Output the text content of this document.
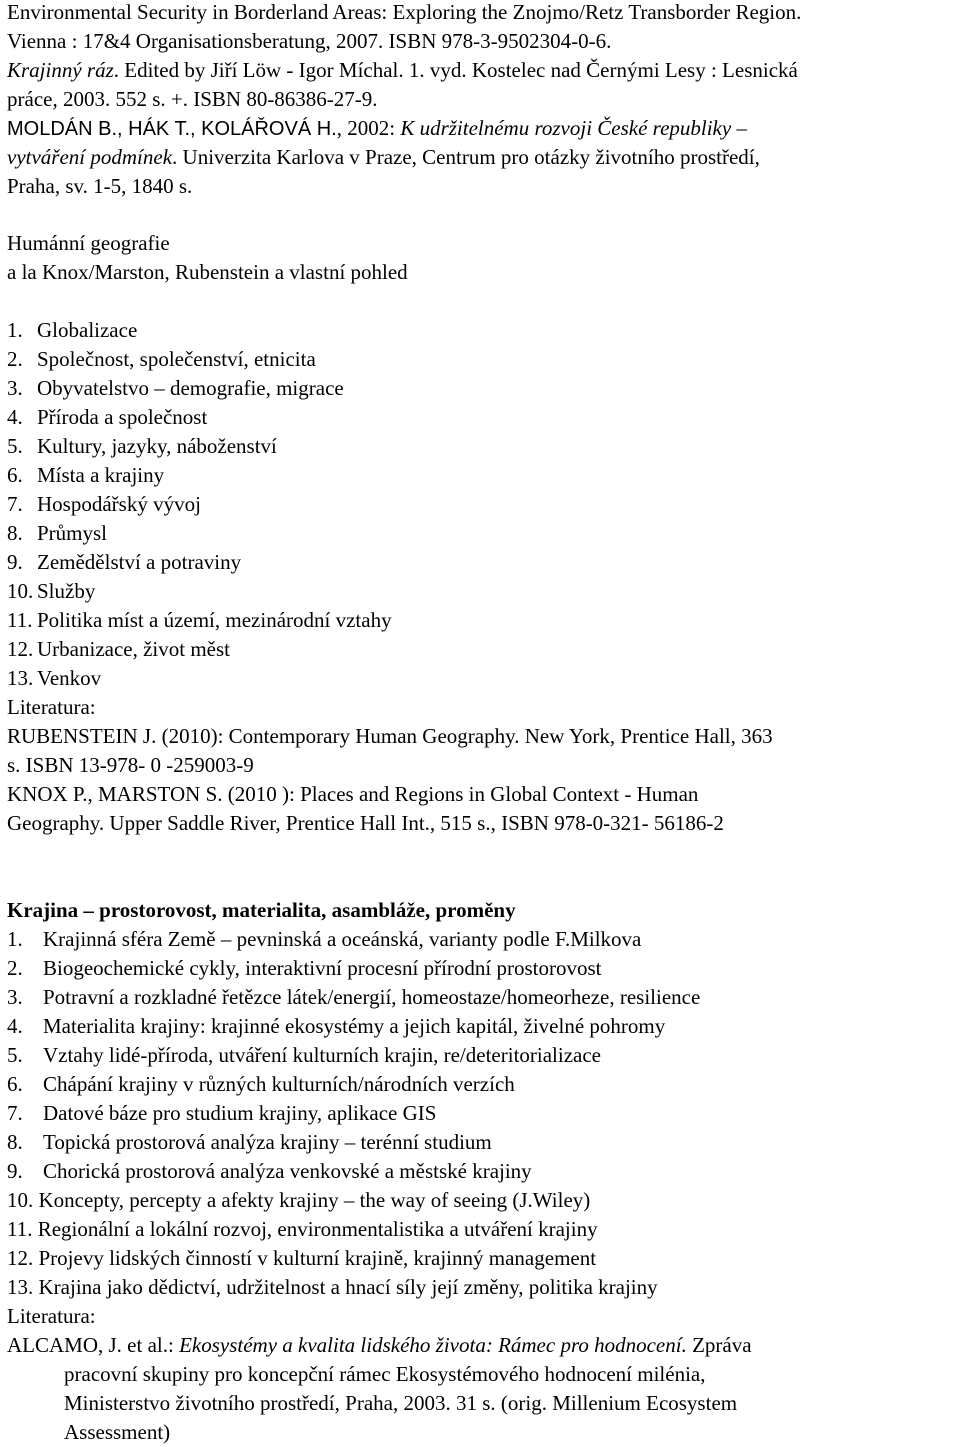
Environmental Security in Borderland Areas: Exploring the Znojmo/Retz Transborder Region.
Vienna : 17&4 Organisationsberatung, 2007. ISBN 978-3-9502304-0-6.
Krajinný ráz. Edited by Jiří Löw - Igor Míchal. 1. vyd. Kostelec nad Černými Lesy : Lesnická
práce, 2003. 552 s. +. ISBN 80-86386-27-9.
MOLDÁN B., HÁK T., KOLÁŘOVÁ H., 2002: K udržitelnému rozvoji České republiky –
vytváření podmínek. Univerzita Karlova v Praze, Centrum pro otázky životního prostředí,
Praha, sv. 1-5, 1840 s.
Humánní geografie
a la Knox/Marston, Rubenstein a vlastní pohled
1. Globalizace
2. Společnost, společenství, etnicita
3. Obyvatelstvo – demografie, migrace
4. Příroda a společnost
5. Kultury, jazyky, náboženství
6. Místa a krajiny
7. Hospodářský vývoj
8. Průmysl
9. Zemědělství a potraviny
10. Služby
11. Politika míst a území, mezinárodní vztahy
12. Urbanizace, život měst
13. Venkov
Literatura:
RUBENSTEIN J. (2010): Contemporary Human Geography. New York, Prentice Hall, 363
s. ISBN 13-978- 0 -259003-9
KNOX P., MARSTON S. (2010 ): Places and Regions in Global Context - Human
Geography. Upper Saddle River, Prentice Hall Int., 515 s., ISBN 978-0-321- 56186-2
Krajina – prostorovost, materialita, asambláže, proměny
1. Krajinná sféra Země – pevninská a oceánská, varianty podle F.Milkova
2. Biogeochemické cykly, interaktivní procesní přírodní prostorovost
3. Potravní a rozkladné řetězce látek/energií, homeostaze/homeorheze, resilience
4. Materialita krajiny: krajinné ekosystémy a jejich kapitál, živelné pohromy
5. Vztahy lidé-příroda, utváření kulturních krajin, re/deteritorializace
6. Chápání krajiny v různých kulturních/národních verzích
7. Datové báze pro studium krajiny, aplikace GIS
8. Topická prostorová analýza krajiny – terénní studium
9. Chorická prostorová analýza venkovské a městské krajiny
10. Koncepty, percepty a afekty krajiny – the way of seeing (J.Wiley)
11. Regionální a lokální rozvoj, environmentalistika a utváření krajiny
12. Projevy lidských činností v kulturní krajině, krajinný management
13. Krajina jako dědictví, udržitelnost a hnací síly její změny, politika krajiny
Literatura:
ALCAMO, J. et al.: Ekosystémy a kvalita lidského života: Rámec pro hodnocení. Zpráva
pracovní skupiny pro koncepční rámec Ekosystémového hodnocení milénia,
Ministerstvo životního prostředí, Praha, 2003. 31 s. (orig. Millenium Ecosystem
Assessment)
